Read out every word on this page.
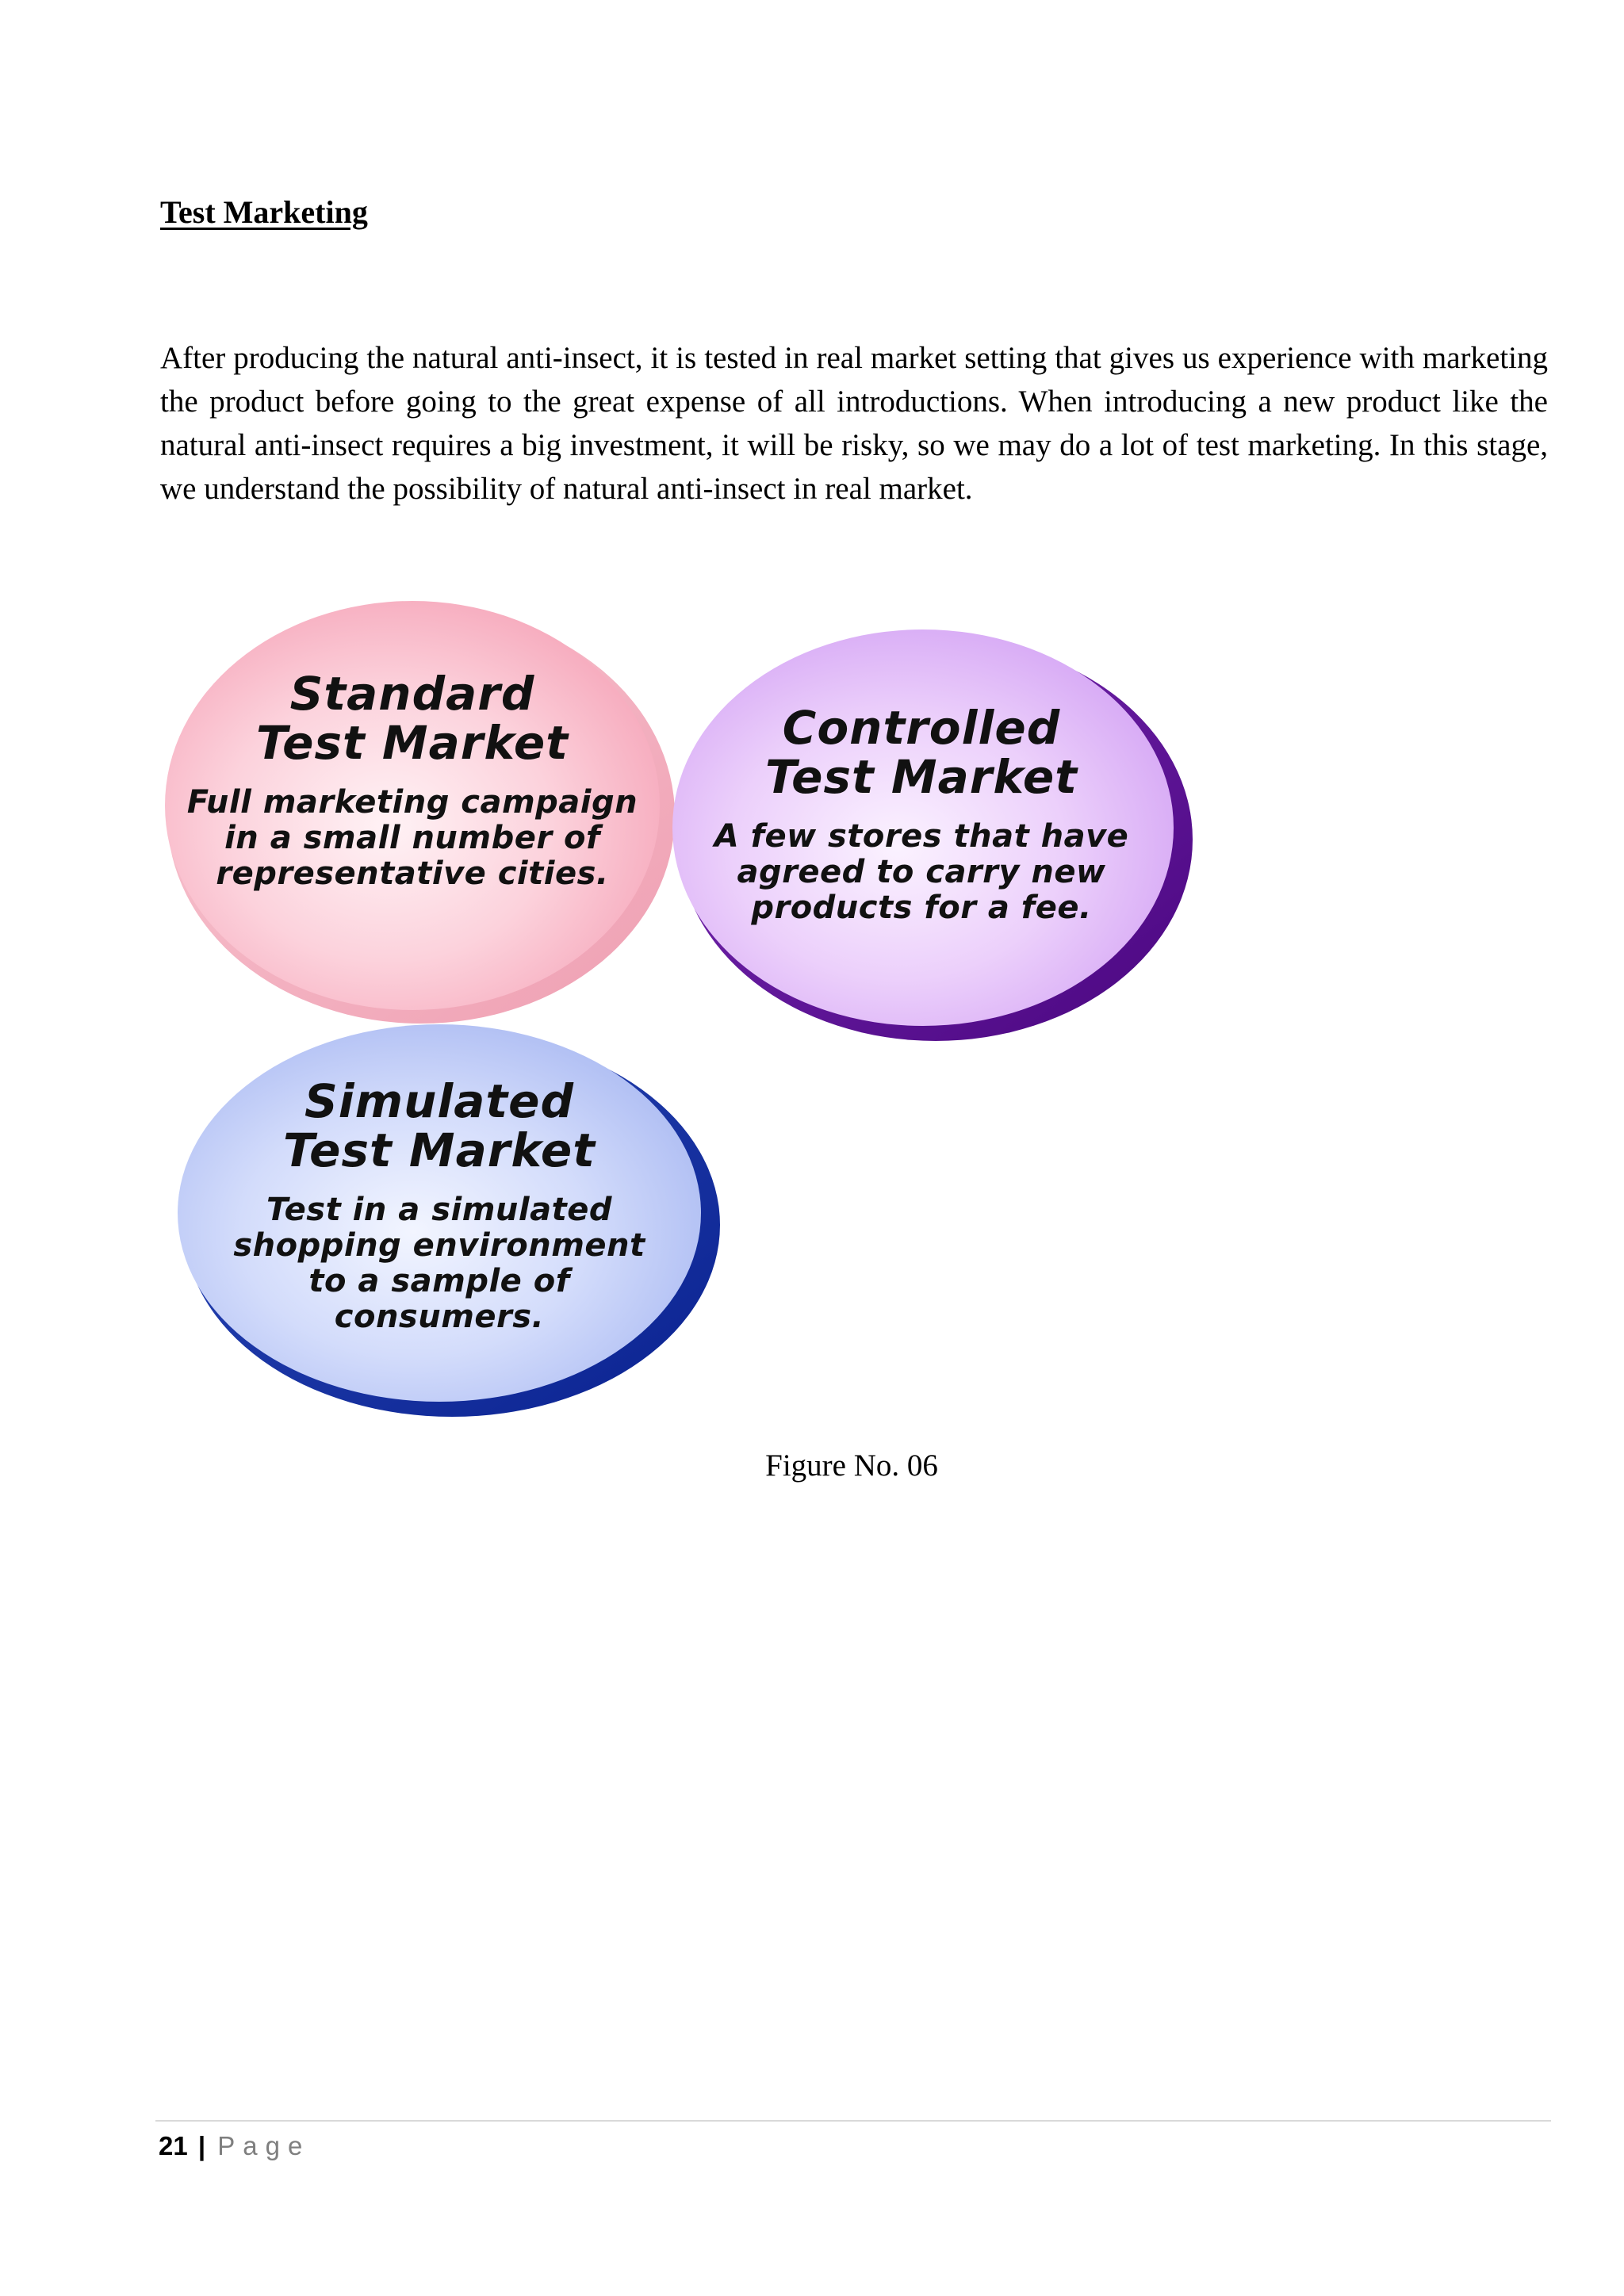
Test Marketing

After producing the natural anti-insect, it is tested in real market setting that gives us experience with marketing the product before going to the great expense of all introductions. When introducing a new product like the natural anti-insect requires a big investment, it will be risky, so we may do a lot of test marketing. In this stage, we understand the possibility of natural anti-insect in real market.

Standard
Test Market
Full marketing campaign
in a small number of
representative cities.
Controlled
Test Market
A few stores that have
agreed to carry new
products for a fee.
Simulated
Test Market
Test in a simulated
shopping environment
to a sample of
consumers.
Figure No. 06
21 | Page
